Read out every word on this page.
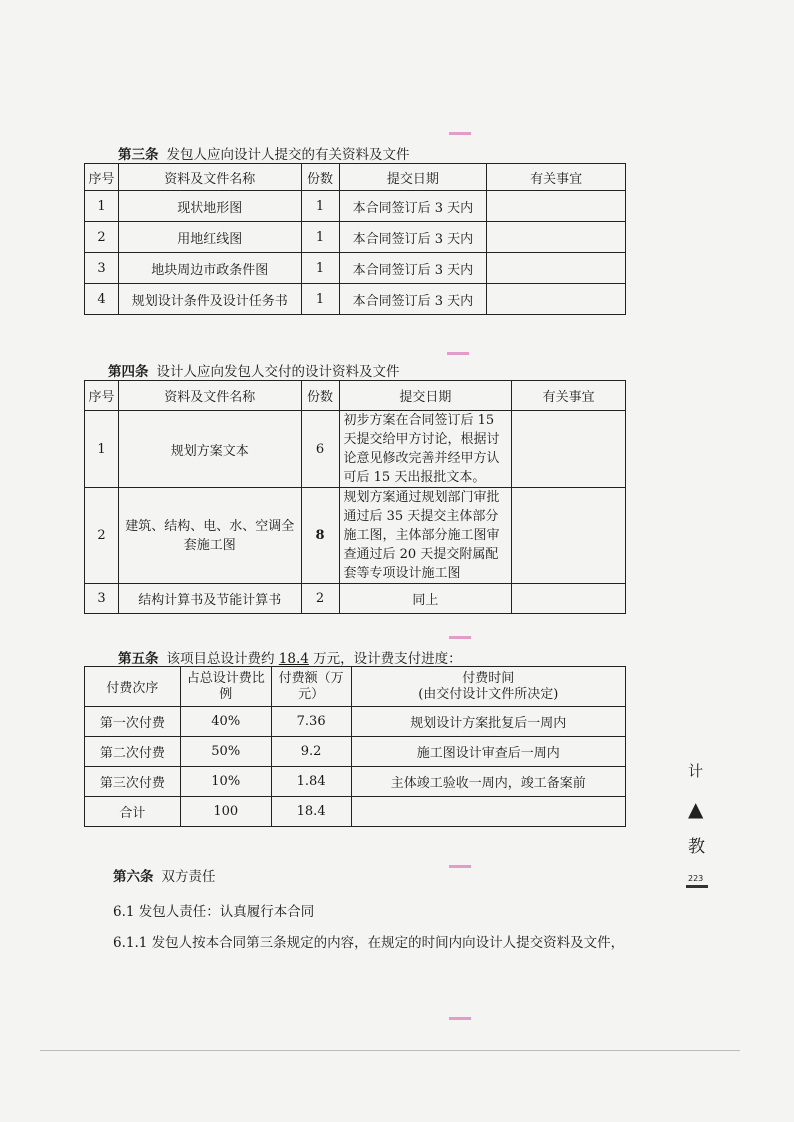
第三条 发包人应向设计人提交的有关资料及文件
序号	资料及文件名称	份数	提交日期	有关事宜
1	现状地形图	1	本合同签订后 3 天内	
2	用地红线图	1	本合同签订后 3 天内	
3	地块周边市政条件图	1	本合同签订后 3 天内	
4	规划设计条件及设计任务书	1	本合同签订后 3 天内	
第四条 设计人应向发包人交付的设计资料及文件
序号	资料及文件名称	份数	提交日期	有关事宜
1	规划方案文本	6	初步方案在合同签订后 15 天提交给甲方讨论，根据讨论意见修改完善并经甲方认可后 15 天出报批文本。	
2	建筑、结构、电、水、空调全套施工图	8	规划方案通过规划部门审批通过后 35 天提交主体部分施工图，主体部分施工图审查通过后 20 天提交附属配套等专项设计施工图	
3	结构计算书及节能计算书	2	同上	
第五条 该项目总设计费约 18.4 万元，设计费支付进度：
付费次序	占总设计费比例	付费额（万元）	付费时间
(由交付设计文件所决定)

第一次付费	40%	7.36	规划设计方案批复后一周内
第二次付费	50%	9.2	施工图设计审查后一周内
第三次付费	10%	1.84	主体竣工验收一周内，竣工备案前
合计	100	18.4	
第六条 双方责任
6.1 发包人责任：认真履行本合同
6.1.1 发包人按本合同第三条规定的内容，在规定的时间内向设计人提交资料及文件，
计
▲
教
223
